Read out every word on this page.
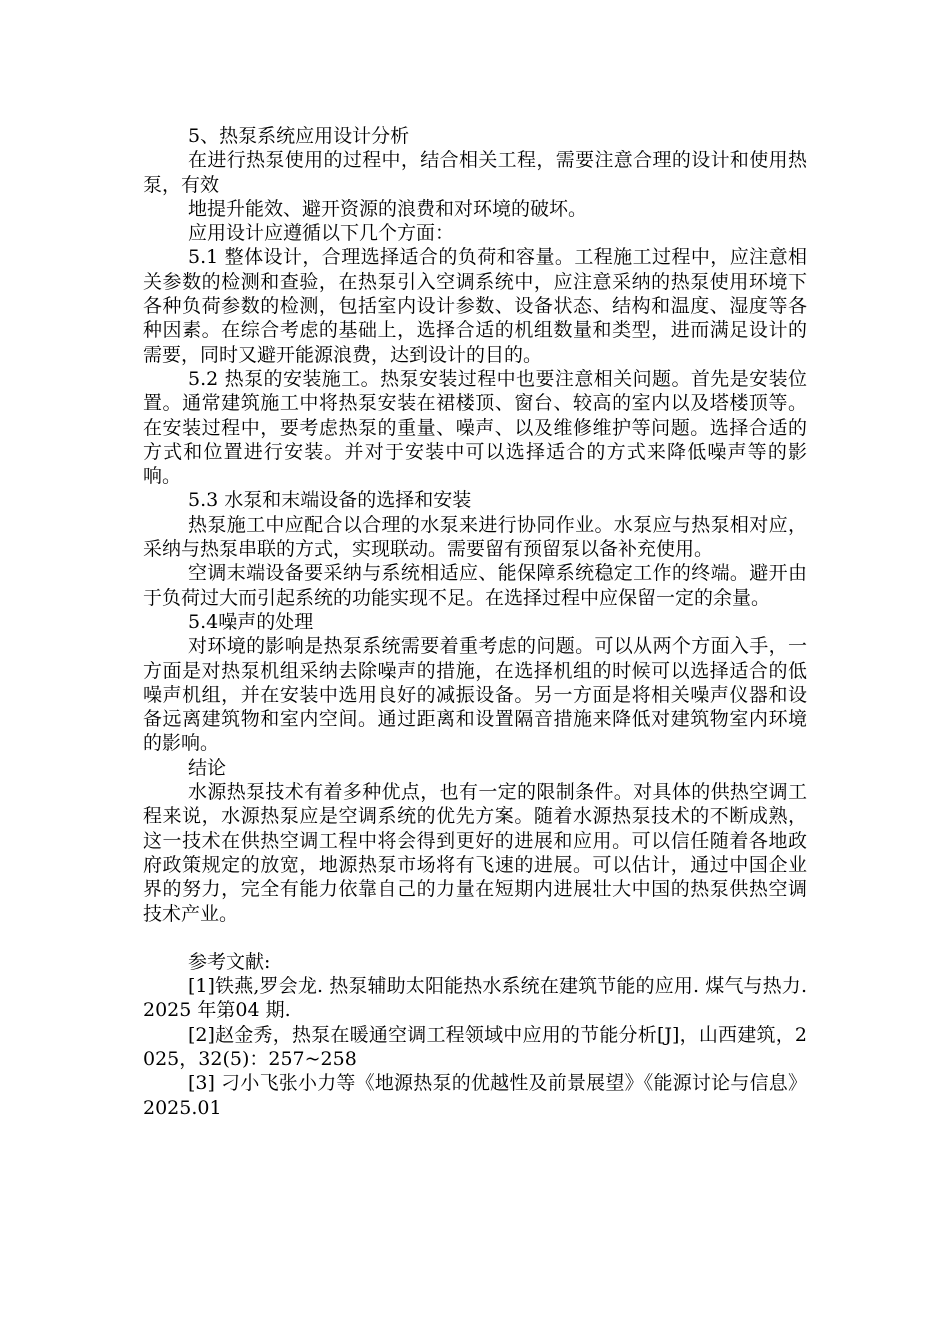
5、热泵系统应用设计分析

在进行热泵使用的过程中，结合相关工程，需要注意合理的设计和使用热泵，有效

地提升能效、避开资源的浪费和对环境的破坏。

应用设计应遵循以下几个方面：

5.1 整体设计，合理选择适合的负荷和容量。工程施工过程中，应注意相关参数的检测和查验，在热泵引入空调系统中，应注意采纳的热泵使用环境下各种负荷参数的检测，包括室内设计参数、设备状态、结构和温度、湿度等各种因素。在综合考虑的基础上，选择合适的机组数量和类型，进而满足设计的需要，同时又避开能源浪费，达到设计的目的。

5.2 热泵的安装施工。热泵安装过程中也要注意相关问题。首先是安装位置。通常建筑施工中将热泵安装在裙楼顶、窗台、较高的室内以及塔楼顶等。在安装过程中，要考虑热泵的重量、噪声、以及维修维护等问题。选择合适的方式和位置进行安装。并对于安装中可以选择适合的方式来降低噪声等的影响。

5.3 水泵和末端设备的选择和安装

热泵施工中应配合以合理的水泵来进行协同作业。水泵应与热泵相对应，采纳与热泵串联的方式，实现联动。需要留有预留泵以备补充使用。

空调末端设备要采纳与系统相适应、能保障系统稳定工作的终端。避开由于负荷过大而引起系统的功能实现不足。在选择过程中应保留一定的余量。

5.4噪声的处理

对环境的影响是热泵系统需要着重考虑的问题。可以从两个方面入手，一方面是对热泵机组采纳去除噪声的措施，在选择机组的时候可以选择适合的低噪声机组，并在安装中选用良好的减振设备。另一方面是将相关噪声仪器和设备远离建筑物和室内空间。通过距离和设置隔音措施来降低对建筑物室内环境的影响。

结论

水源热泵技术有着多种优点，也有一定的限制条件。对具体的供热空调工程来说，水源热泵应是空调系统的优先方案。随着水源热泵技术的不断成熟，这一技术在供热空调工程中将会得到更好的进展和应用。可以信任随着各地政府政策规定的放宽，地源热泵市场将有飞速的进展。可以估计，通过中国企业界的努力，完全有能力依靠自己的力量在短期内进展壮大中国的热泵供热空调技术产业。

参考文献:

[1]铁燕,罗会龙. 热泵辅助太阳能热水系统在建筑节能的应用. 煤气与热力.2025 年第04 期.

[2]赵金秀，热泵在暖通空调工程领域中应用的节能分析[J]，山西建筑，2025，32(5)：257~258

[3] 刁小飞张小力等《地源热泵的优越性及前景展望》《能源讨论与信息》2025.01
